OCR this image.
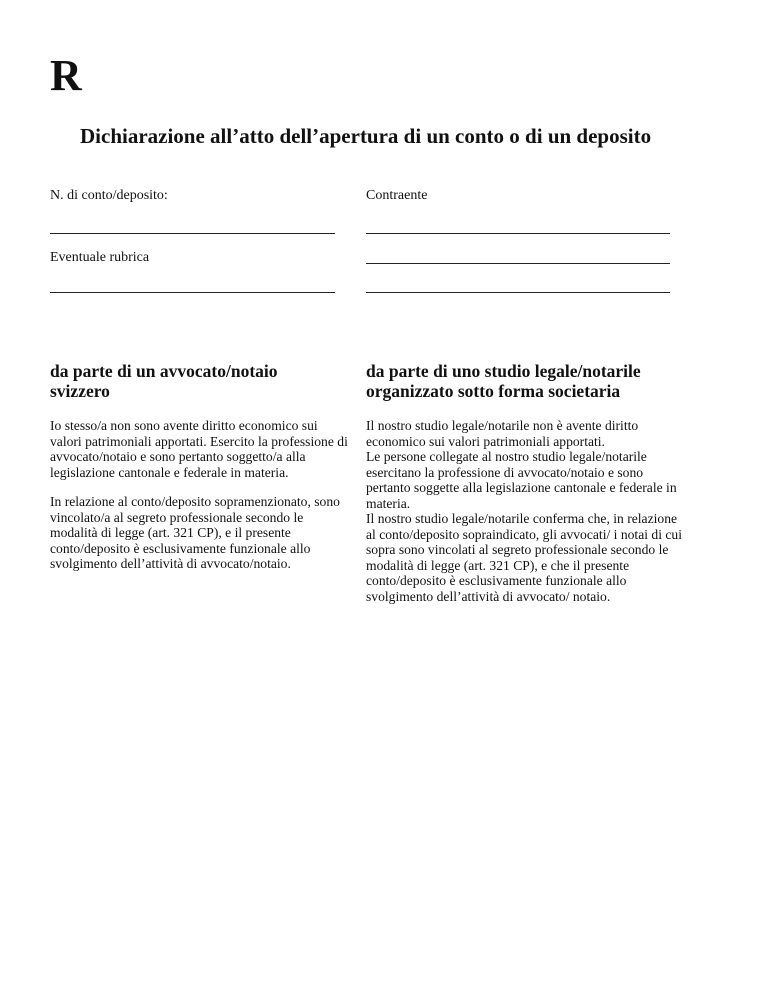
R
Dichiarazione all’atto dell’apertura di un conto o di un deposito
N. di conto/deposito:
Eventuale rubrica
Contraente
da parte di un avvocato/notaio svizzero

Io stesso/a non sono avente diritto economico sui valori patrimoniali apportati. Esercito la professione di avvocato/notaio e sono pertanto soggetto/a alla legislazione cantonale e federale in materia.

In relazione al conto/deposito sopramenzionato, sono vincolato/a al segreto professionale secondo le modalità di legge (art. 321 CP), e il presente conto/deposito è esclusivamente funzionale allo svolgimento dell’attività di avvocato/notaio.

da parte di uno studio legale/notarile organizzato sotto forma societaria

Il nostro studio legale/notarile non è avente diritto economico sui valori patrimoniali apportati.

Le persone collegate al nostro studio legale/notarile esercitano la professione di avvocato/notaio e sono pertanto soggette alla legislazione cantonale e federale in materia.

Il nostro studio legale/notarile conferma che, in relazione al conto/deposito sopraindicato, gli avvocati/ i notai di cui sopra sono vincolati al segreto professionale secondo le modalità di legge (art. 321 CP), e che il presente conto/deposito è esclusivamente funzionale allo svolgimento dell’attività di avvocato/ notaio.
